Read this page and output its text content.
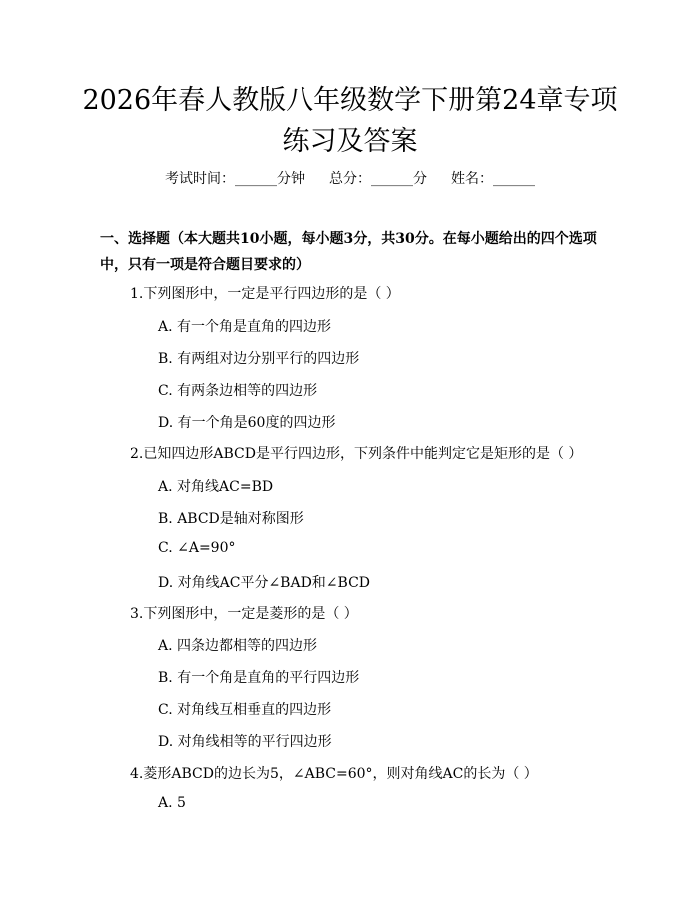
2026年春人教版八年级数学下册第24章专项练习及答案
考试时间：______分钟 总分：______分 姓名：______
一、选择题（本大题共10小题，每小题3分，共30分。在每小题给出的四个选项中，只有一项是符合题目要求的）
1.下列图形中，一定是平行四边形的是（ ）
A. 有一个角是直角的四边形
B. 有两组对边分别平行的四边形
C. 有两条边相等的四边形
D. 有一个角是60度的四边形
2.已知四边形ABCD是平行四边形，下列条件中能判定它是矩形的是（ ）
A. 对角线AC=BD
B. ABCD是轴对称图形
C. ∠A=90°
D. 对角线AC平分∠BAD和∠BCD
3.下列图形中，一定是菱形的是（ ）
A. 四条边都相等的四边形
B. 有一个角是直角的平行四边形
C. 对角线互相垂直的四边形
D. 对角线相等的平行四边形
4.菱形ABCD的边长为5，∠ABC=60°，则对角线AC的长为（ ）
A. 5
